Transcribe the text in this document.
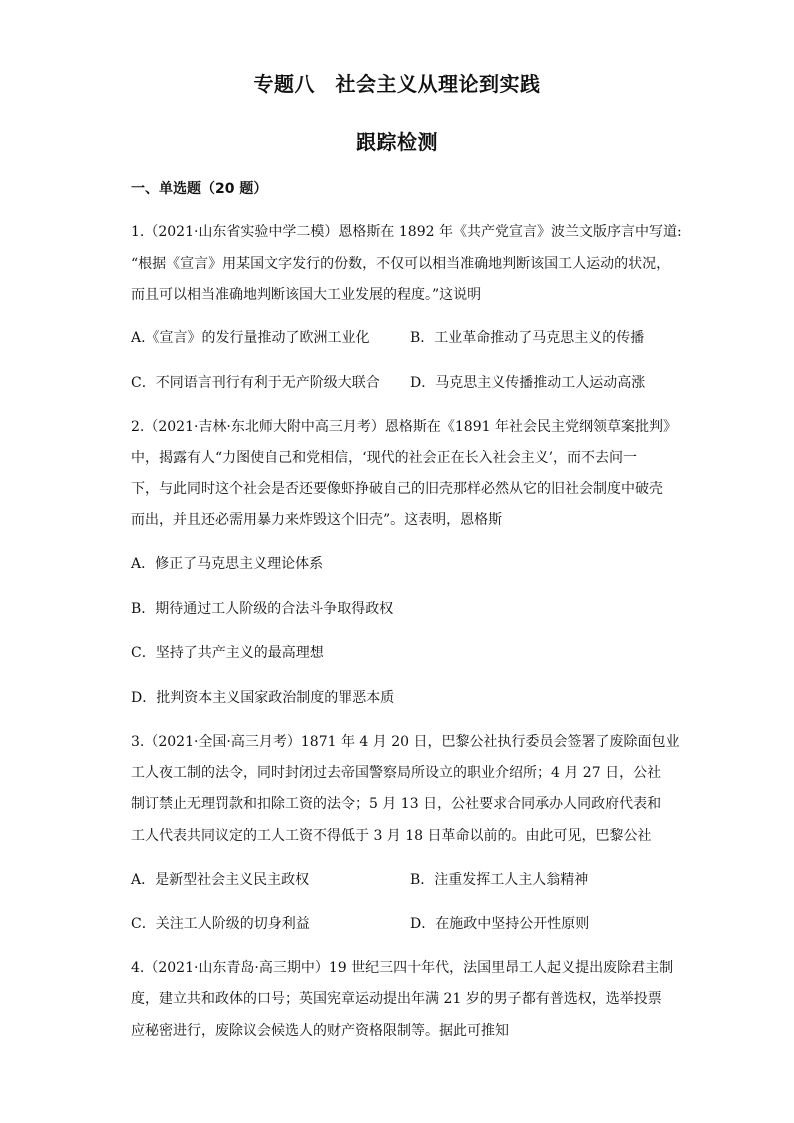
专题八　社会主义从理论到实践
跟踪检测
一、单选题（20 题）
1.（2021·山东省实验中学二模）恩格斯在 1892 年《共产党宣言》波兰文版序言中写道:
“根据《宣言》用某国文字发行的份数，不仅可以相当准确地判断该国工人运动的状况，
而且可以相当准确地判断该国大工业发展的程度。”这说明
A.《宣言》的发行量推动了欧洲工业化	B．工业革命推动了马克思主义的传播
C．不同语言刊行有利于无产阶级大联合 D．马克思主义传播推动工人运动高涨
2.（2021·吉林·东北师大附中高三月考）恩格斯在《1891 年社会民主党纲领草案批判》
中，揭露有人“力图使自己和党相信，‘现代的社会正在长入社会主义’，而不去问一
下，与此同时这个社会是否还要像虾挣破自己的旧壳那样必然从它的旧社会制度中破壳
而出，并且还必需用暴力来炸毁这个旧壳”。这表明，恩格斯
A．修正了马克思主义理论体系
B．期待通过工人阶级的合法斗争取得政权
C．坚持了共产主义的最高理想
D．批判资本主义国家政治制度的罪恶本质
3.（2021·全国·高三月考）1871 年 4 月 20 日，巴黎公社执行委员会签署了废除面包业
工人夜工制的法令，同时封闭过去帝国警察局所设立的职业介绍所；4 月 27 日，公社
制订禁止无理罚款和扣除工资的法令；5 月 13 日，公社要求合同承办人同政府代表和
工人代表共同议定的工人工资不得低于 3 月 18 日革命以前的。由此可见，巴黎公社
A．是新型社会主义民主政权	B．注重发挥工人主人翁精神
C．关注工人阶级的切身利益	D．在施政中坚持公开性原则
4.（2021·山东青岛·高三期中）19 世纪三四十年代，法国里昂工人起义提出废除君主制
度，建立共和政体的口号；英国宪章运动提出年满 21 岁的男子都有普选权，选举投票
应秘密进行，废除议会候选人的财产资格限制等。据此可推知
